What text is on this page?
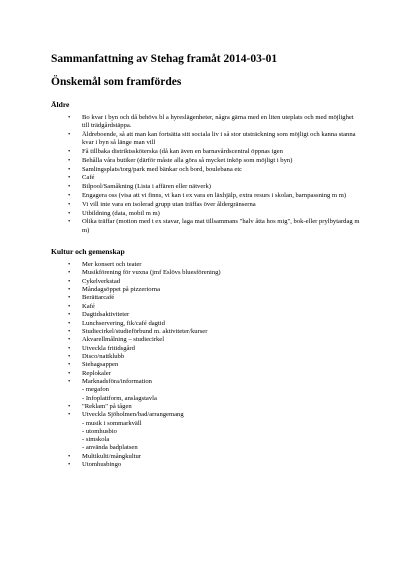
Sammanfattning av Stehag framåt 2014-03-01
Önskemål som framfördes
Äldre
• Bo kvar i byn och då behövs bl a hyreslägenheter, några gärna med en liten uteplats och med möjlighet till trädgårdstäppa.
• Äldreboende, så att man kan fortsätta sitt sociala liv i så stor utsträckning som möjligt och kanna stanna kvar i byn så länge man vill
• Få tillbaka distriktssköterska (då kan även en barnavårdscentral öppnas igen
• Behålla våra butiker (därför måste alla göra så mycket inköp som möjligt i byn)
• Samlingsplats/torg/park med bänkar och bord, boulebana etc
• Café
• Bilpool/Samåkning (Lista i affären eller nätverk)
• Engagera oss (visa att vi finns, vi kan t ex vara en läxhjälp, extra resurs i skolan, barnpassning m m)
• Vi vill inte vara en isolerad grupp utan träffas över åldergränserna
• Utbildning (data, mobil m m)
• Olika träffar (motion med t ex stavar, laga mat tillsammans "halv åtta hos mig", bok-eller prylbytardag m m)
Kultur och gemenskap
• Mer konsert och teater
• Musikförening för vuxna (jmf Eslövs bluesförening)
• Cykelverkstad
• Måndagsöppet på pizzeriorna
• Berättarcafé
• Kafé
• Dagtidsaktiviteter
• Lunchservering, fik/café dagtid
• Studiecirkel/studieförbund m. aktiviteter/kurser
• Akvarellmålning – studiecirkel
• Utveckla fritidsgård
• Disco/nattklubb
• Stehagsappen
• Replokaler
• Marknadsföra/information
- megafon
- Infoplattform, anslagstavla
• "Reklam" på tågen
• Utveckla Sjöholmen/bad/arrangemang
- musik i sommarkväll
- utomhusbio
- simskola
- använda badplatsen
• Multikulti/mångkultur
• Utomhusbingo
